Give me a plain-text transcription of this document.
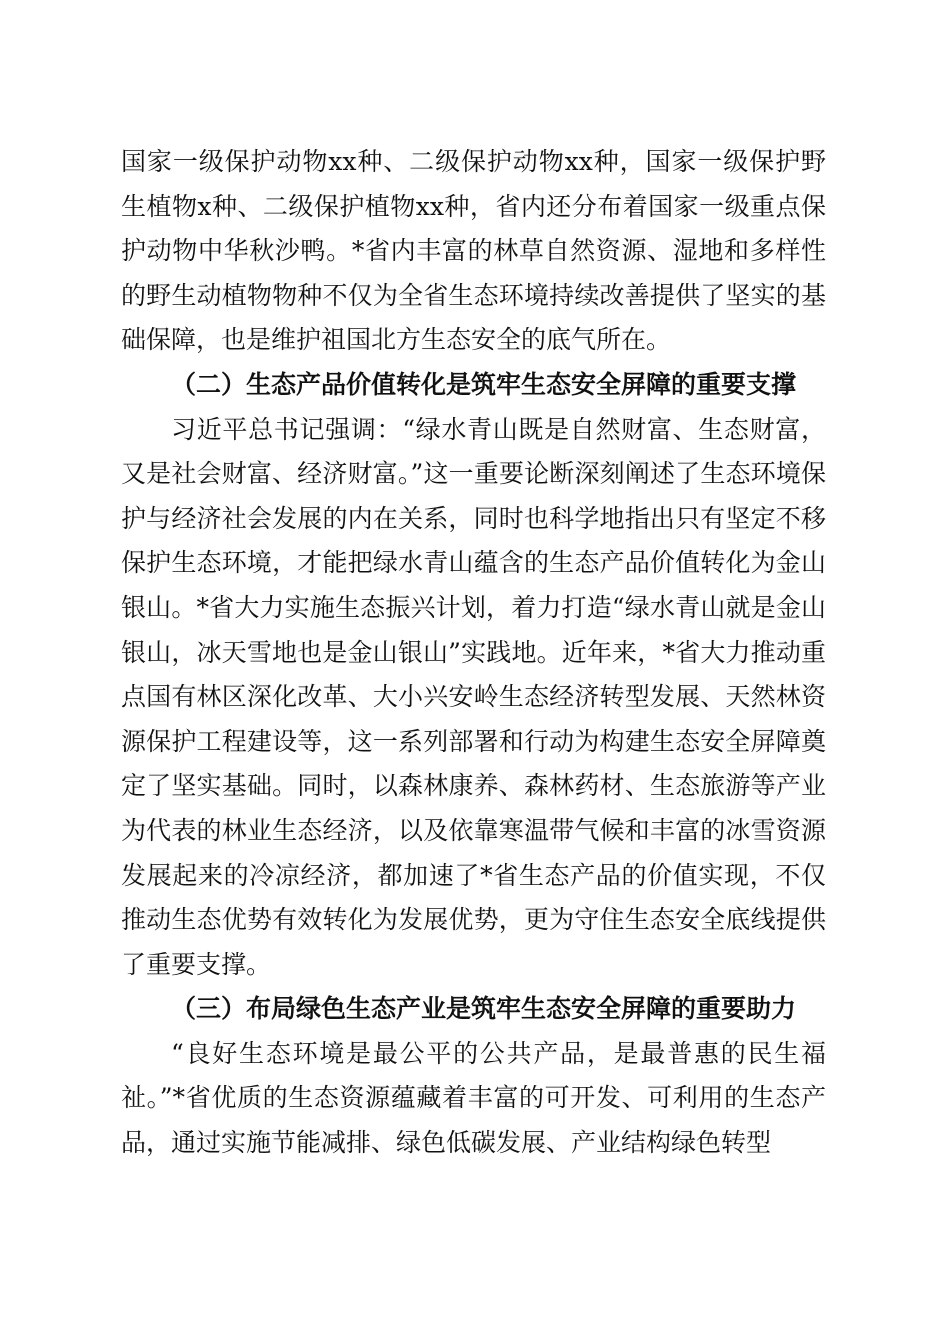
国家一级保护动物xx种、二级保护动物xx种，国家一级保护野生植物x种、二级保护植物xx种，省内还分布着国家一级重点保护动物中华秋沙鸭。*省内丰富的林草自然资源、湿地和多样性的野生动植物物种不仅为全省生态环境持续改善提供了坚实的基础保障，也是维护祖国北方生态安全的底气所在。

（二）生态产品价值转化是筑牢生态安全屏障的重要支撑

习近平总书记强调：“绿水青山既是自然财富、生态财富，又是社会财富、经济财富。”这一重要论断深刻阐述了生态环境保护与经济社会发展的内在关系，同时也科学地指出只有坚定不移保护生态环境，才能把绿水青山蕴含的生态产品价值转化为金山银山。*省大力实施生态振兴计划，着力打造“绿水青山就是金山银山，冰天雪地也是金山银山”实践地。近年来，*省大力推动重点国有林区深化改革、大小兴安岭生态经济转型发展、天然林资源保护工程建设等，这一系列部署和行动为构建生态安全屏障奠定了坚实基础。同时，以森林康养、森林药材、生态旅游等产业为代表的林业生态经济，以及依靠寒温带气候和丰富的冰雪资源发展起来的冷凉经济，都加速了*省生态产品的价值实现，不仅推动生态优势有效转化为发展优势，更为守住生态安全底线提供了重要支撑。

（三）布局绿色生态产业是筑牢生态安全屏障的重要助力

“良好生态环境是最公平的公共产品，是最普惠的民生福祉。”*省优质的生态资源蕴藏着丰富的可开发、可利用的生态产品，通过实施节能减排、绿色低碳发展、产业结构绿色转型
